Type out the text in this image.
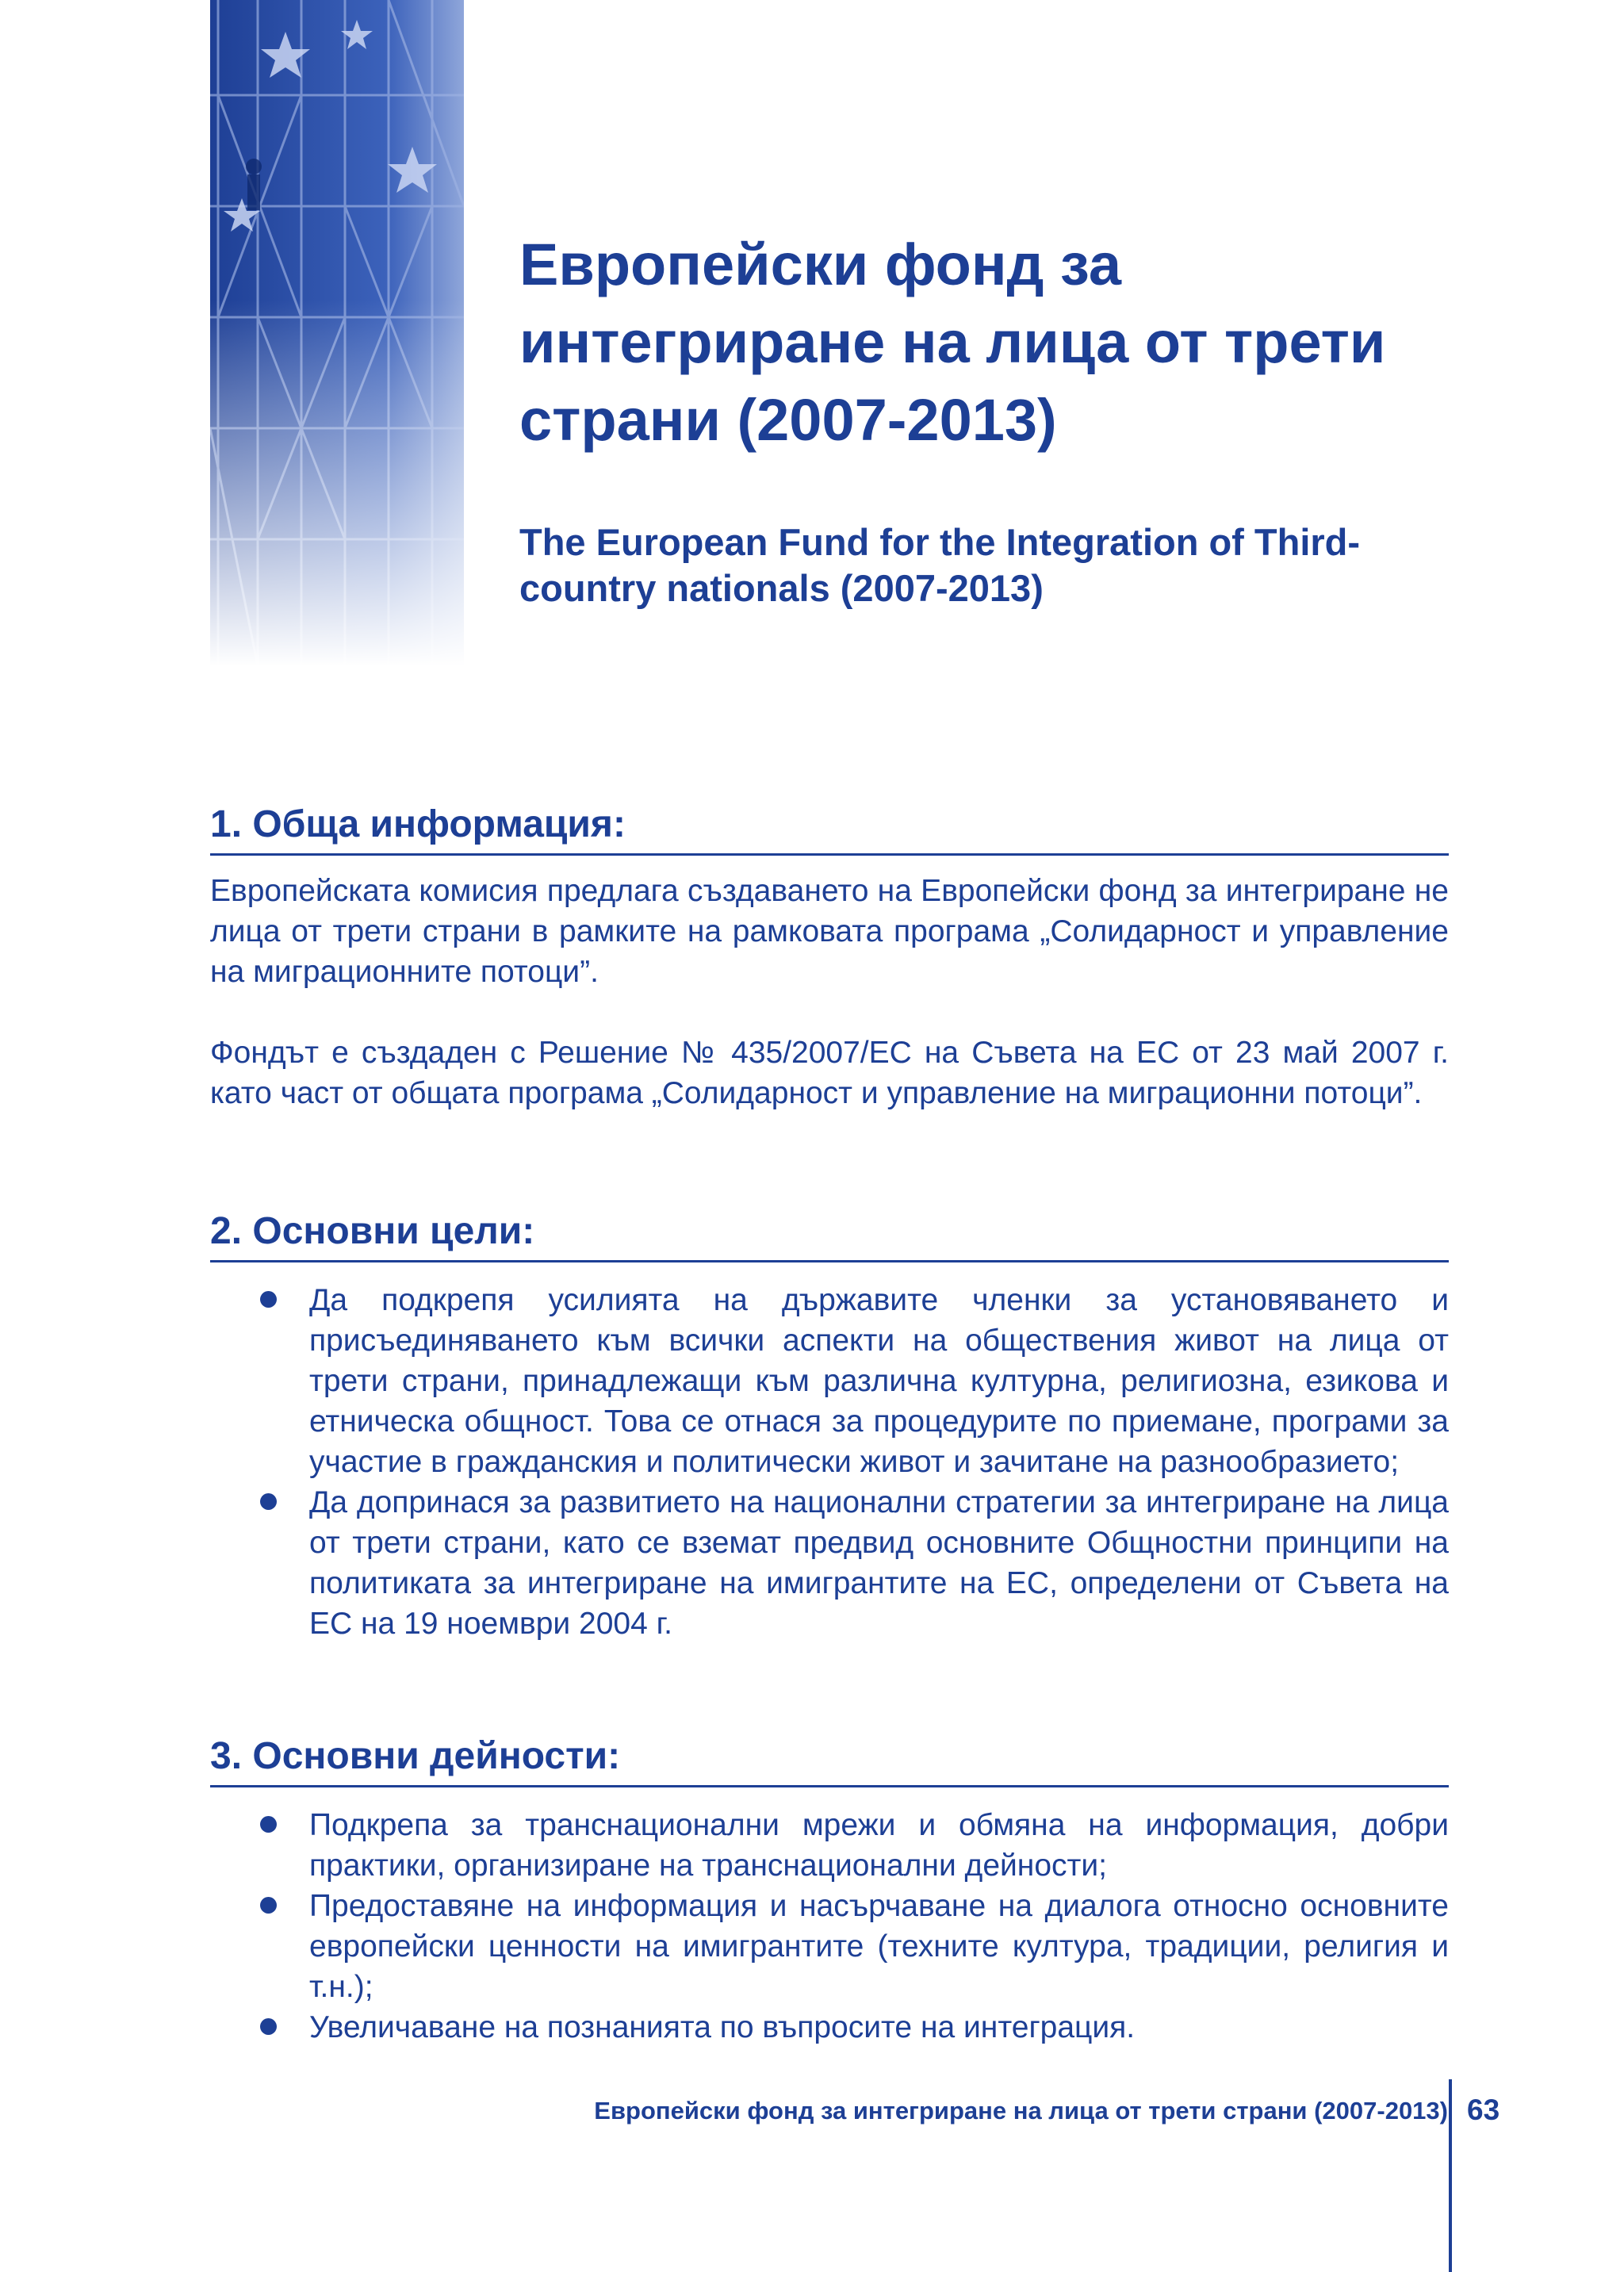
Европейски фонд за интегриране на лица от трети страни (2007-2013)
The European Fund for the Integration of Third-country nationals (2007-2013)
1. Обща информация:

Европейската комисия предлага създаването на Европейски фонд за интегриране не лица от трети страни в рамките на рамковата програма „Солидарност и управление на миграционните потоци”.

Фондът е създаден с Решение № 435/2007/ЕС на Съвета на ЕС от 23 май 2007 г. като част от общата програма „Солидарност и управление на миграционни потоци”.

2. Основни цели:
Да подкрепя усилията на държавите членки за установяването и присъединяването към всички аспекти на обществения живот на лица от трети страни, принадлежащи към различна културна, религиозна, езикова и етническа общност. Това се отнася за процедурите по приемане, програми за участие в гражданския и политически живот и зачитане на разнообразието;
Да допринася за развитието на национални стратегии за интегриране на лица от трети страни, като се вземат предвид основните Общностни принципи на политиката за интегриране на имигрантите на ЕС, определени от Съвета на ЕС на 19 ноември 2004 г.
3. Основни дейности:
Подкрепа за транснационални мрежи и обмяна на информация, добри практики, организиране на транснационални дейности;
Предоставяне на информация и насърчаване на диалога относно основните европейски ценности на имигрантите (техните култура, традиции, религия и т.н.);
Увеличаване на познанията по въпросите на интеграция.
Европейски фонд за интегриране на лица от трети страни (2007-2013) 63
